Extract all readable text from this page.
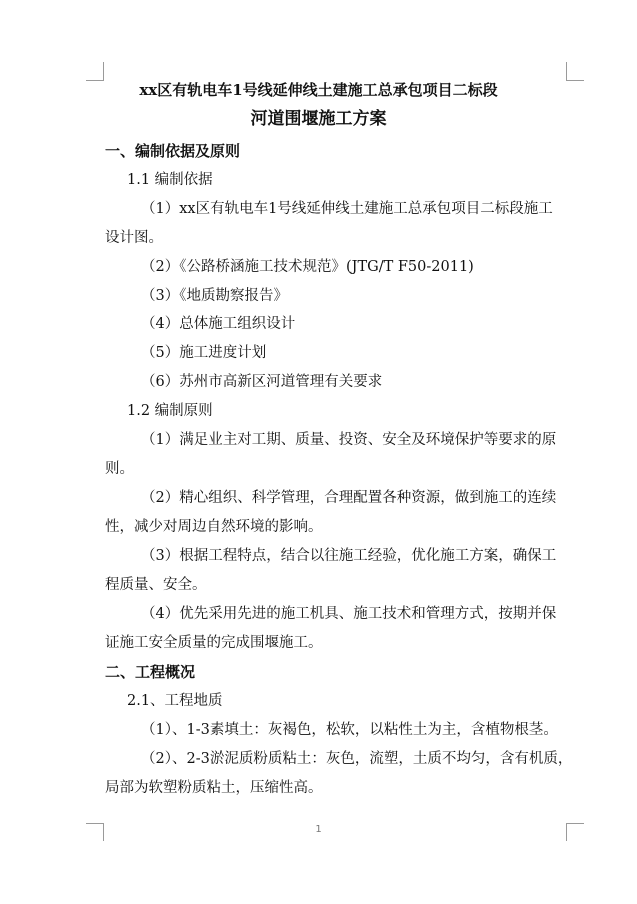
xx区有轨电车1号线延伸线土建施工总承包项目二标段
河道围堰施工方案
一、编制依据及原则
1.1 编制依据
（1）xx区有轨电车1号线延伸线土建施工总承包项目二标段施工
设计图。
（2）《公路桥涵施工技术规范》(JTG/T F50-2011)
（3）《地质勘察报告》
（4）总体施工组织设计
（5）施工进度计划
（6）苏州市高新区河道管理有关要求
1.2 编制原则
（1）满足业主对工期、质量、投资、安全及环境保护等要求的原
则。
（2）精心组织、科学管理，合理配置各种资源，做到施工的连续
性，减少对周边自然环境的影响。
（3）根据工程特点，结合以往施工经验，优化施工方案，确保工
程质量、安全。
（4）优先采用先进的施工机具、施工技术和管理方式，按期并保
证施工安全质量的完成围堰施工。
二、工程概况
2.1、工程地质
（1）、1-3素填土：灰褐色，松软，以粘性土为主，含植物根茎。
（2）、2-3淤泥质粉质粘土：灰色，流塑，土质不均匀，含有机质，
局部为软塑粉质粘土，压缩性高。
1
